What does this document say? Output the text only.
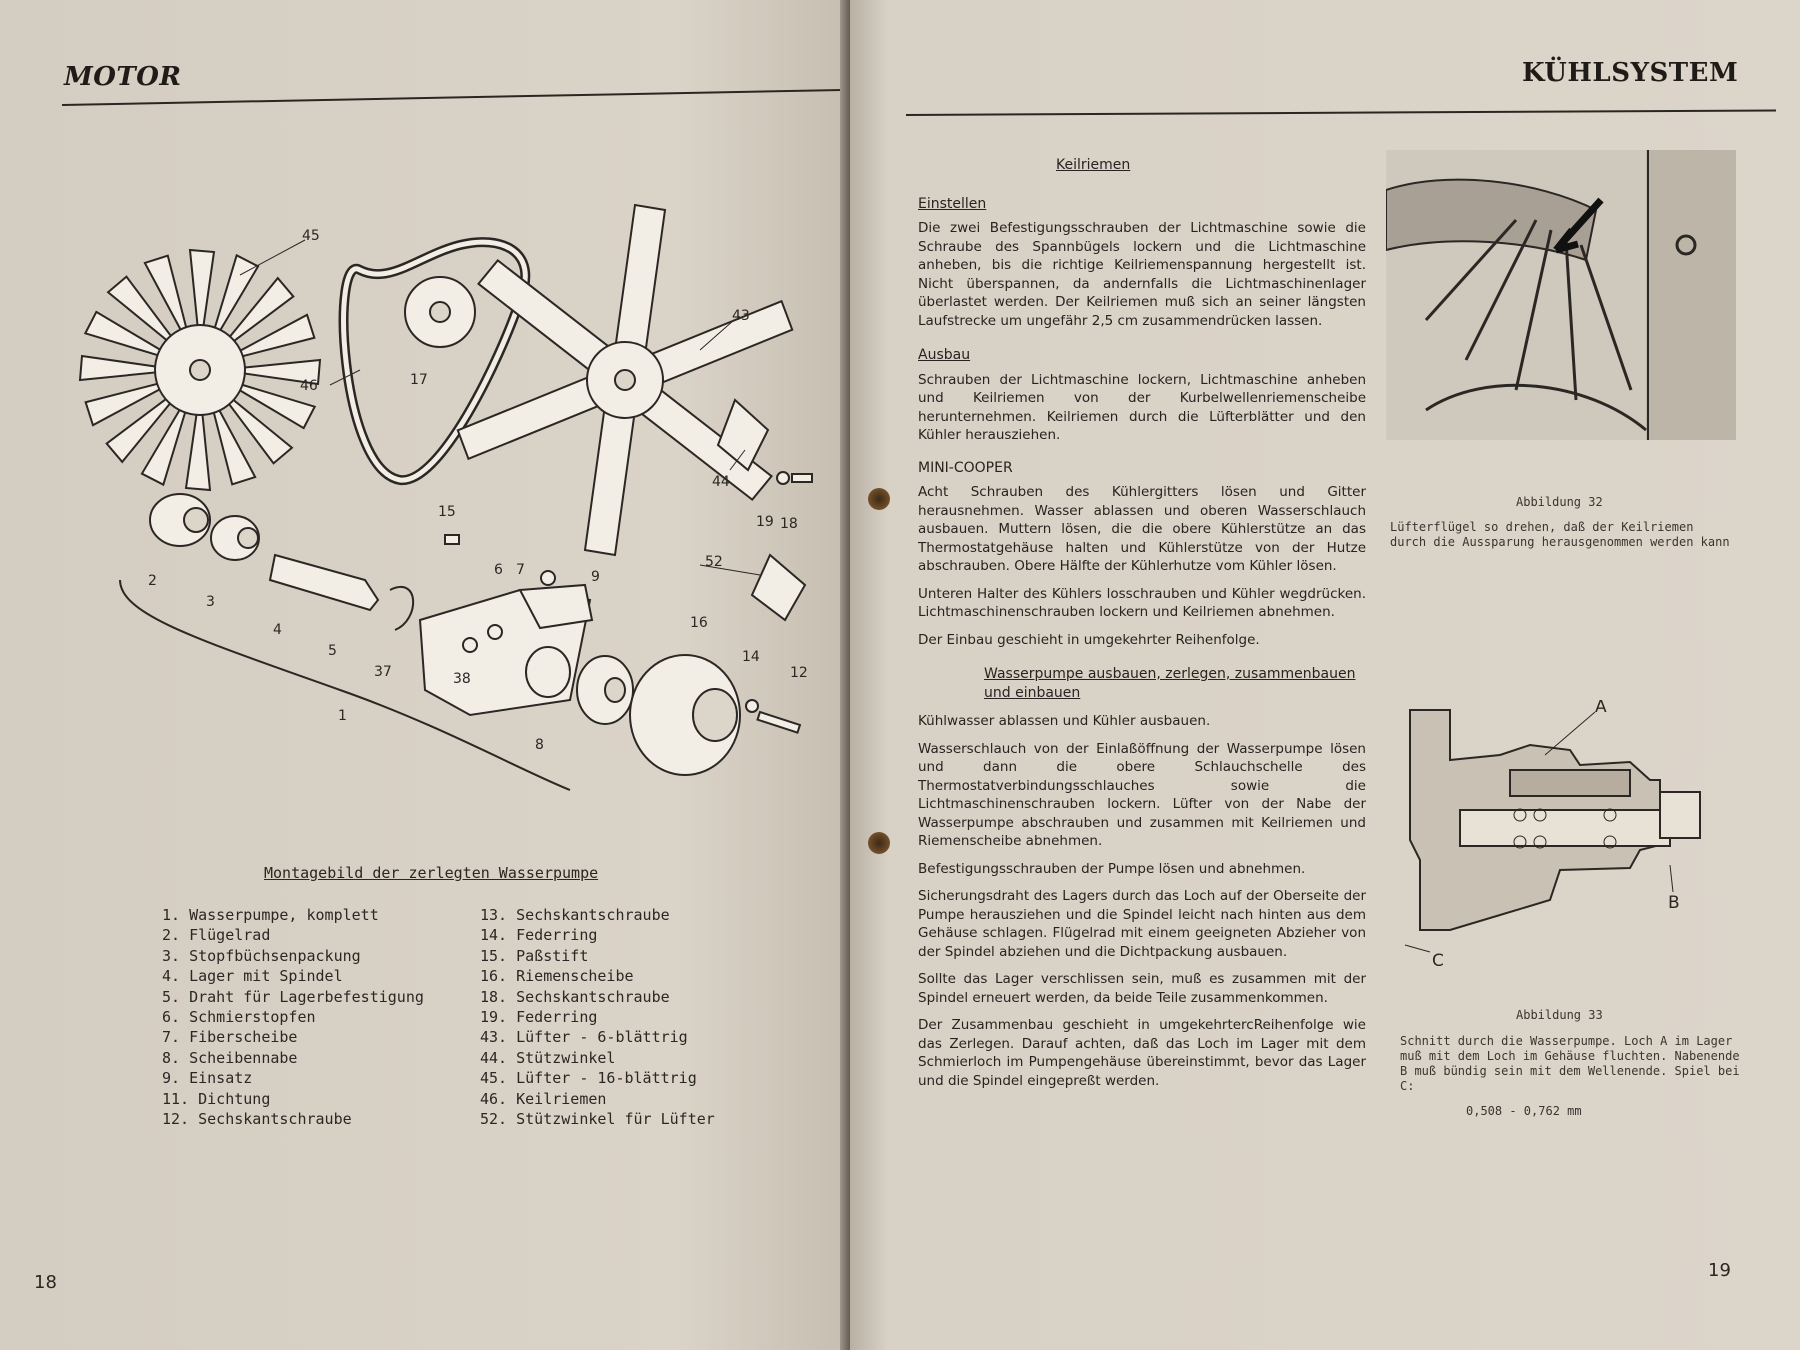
MOTOR
45
46	17
43
44
19 18
15
52
2
3
4
5
6 7	9
37	38
16
14
12
8
1
Montagebild der zerlegten Wasserpumpe
1. Wasserpumpe, komplett
2. Flügelrad
3. Stopfbüchsenpackung
4. Lager mit Spindel
5. Draht für Lagerbefestigung
6. Schmierstopfen
7. Fiberscheibe
8. Scheibennabe
9. Einsatz
11. Dichtung
12. Sechskantschraube
13. Sechskantschraube
14. Federring
15. Paßstift
16. Riemenscheibe
18. Sechskantschraube
19. Federring
43. Lüfter - 6-blättrig
44. Stützwinkel
45. Lüfter - 16-blättrig
46. Keilriemen
52. Stützwinkel für Lüfter
18
KÜHLSYSTEM
Keilriemen
Einstellen

Die zwei Befestigungsschrauben der Lichtmaschine sowie die Schraube des Spannbügels lockern und die Lichtmaschine anheben, bis die richtige Keilriemenspannung hergestellt ist. Nicht überspannen, da andernfalls die Lichtmaschinenlager überlastet werden. Der Keilriemen muß sich an seiner längsten Laufstrecke um ungefähr 2,5 cm zusammendrücken lassen.

Ausbau

Schrauben der Lichtmaschine lockern, Lichtmaschine anheben und Keilriemen von der Kurbelwellenriemenscheibe herunternehmen. Keilriemen durch die Lüfterblätter und den Kühler herausziehen.

MINI-COOPER

Acht Schrauben des Kühlergitters lösen und Gitter herausnehmen. Wasser ablassen und oberen Wasserschlauch ausbauen. Muttern lösen, die die obere Kühlerstütze an das Thermostatgehäuse halten und Kühlerstütze von der Hutze abschrauben. Obere Hälfte der Kühlerhutze vom Kühler lösen.

Unteren Halter des Kühlers losschrauben und Kühler wegdrücken. Lichtmaschinenschrauben lockern und Keilriemen abnehmen.

Der Einbau geschieht in umgekehrter Reihenfolge.

Wasserpumpe ausbauen, zerlegen, zusammenbauen und einbauen

Kühlwasser ablassen und Kühler ausbauen.

Wasserschlauch von der Einlaßöffnung der Wasserpumpe lösen und dann die obere Schlauchschelle des Thermostatverbindungsschlauches sowie die Lichtmaschinenschrauben lockern. Lüfter von der Nabe der Wasserpumpe abschrauben und zusammen mit Keilriemen und Riemenscheibe abnehmen.

Befestigungsschrauben der Pumpe lösen und abnehmen.

Sicherungsdraht des Lagers durch das Loch auf der Oberseite der Pumpe herausziehen und die Spindel leicht nach hinten aus dem Gehäuse schlagen. Flügelrad mit einem geeigneten Abzieher von der Spindel abziehen und die Dichtpackung ausbauen.

Sollte das Lager verschlissen sein, muß es zusammen mit der Spindel erneuert werden, da beide Teile zusammenkommen.

Der Zusammenbau geschieht in umgekehrtercReihenfolge wie das Zerlegen. Darauf achten, daß das Loch im Lager mit dem Schmierloch im Pumpengehäuse übereinstimmt, bevor das Lager und die Spindel eingepreßt werden.

Abbildung 32
Lüfterflügel so drehen, daß der Keilriemen durch die Aussparung herausgenommen werden kann
A
B
C
Abbildung 33
Schnitt durch die Wasserpumpe. Loch A im Lager muß mit dem Loch im Gehäuse fluchten. Nabenende B muß bündig sein mit dem Wellenende. Spiel bei C:
0,508 - 0,762 mm
19
